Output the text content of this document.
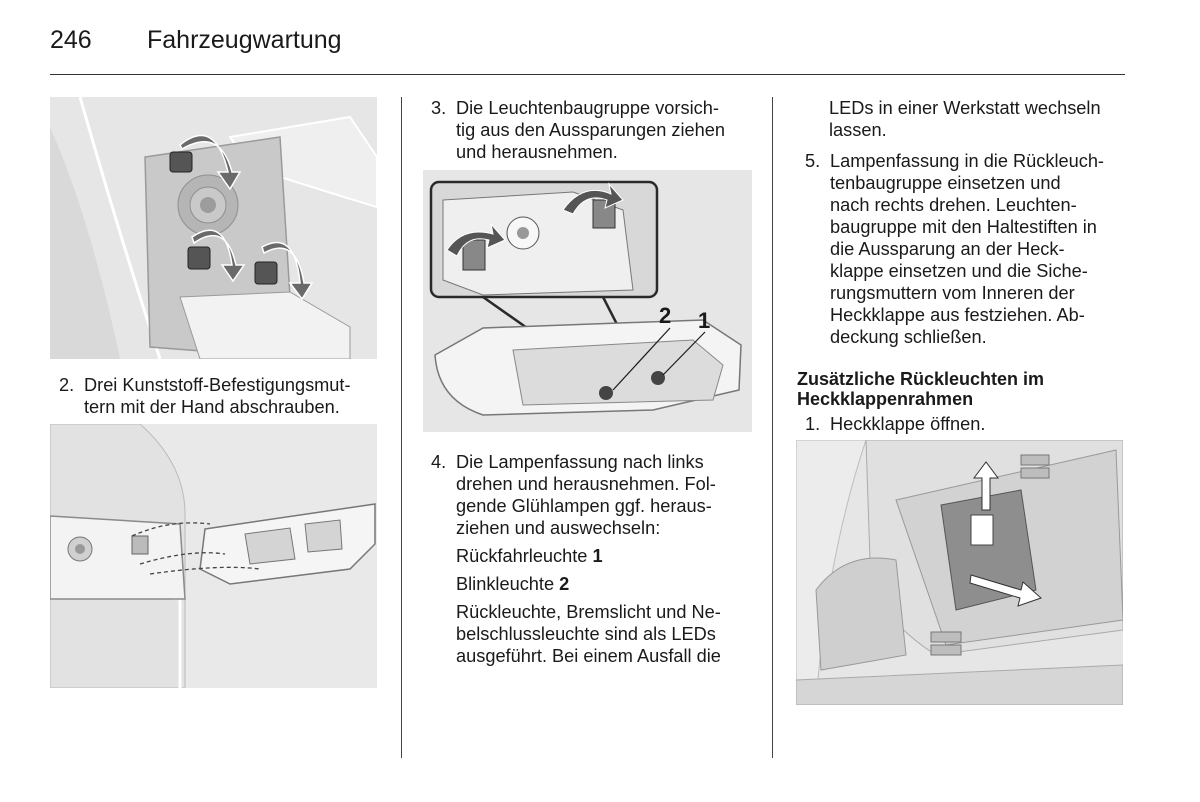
246 Fahrzeugwartung
2. Drei Kunststoff-Befestigungsmut-
tern mit der Hand abschrauben.
3. Die Leuchtenbaugruppe vorsich-
tig aus den Aussparungen ziehen
und herausnehmen.
2 1
4. Die Lampenfassung nach links
drehen und herausnehmen. Fol-
gende Glühlampen ggf. heraus-
ziehen und auswechseln:
Rückfahrleuchte 1
Blinkleuchte 2
Rückleuchte, Bremslicht und Ne-
belschlussleuchte sind als LEDs
ausgeführt. Bei einem Ausfall die
LEDs in einer Werkstatt wechseln
lassen.
5. Lampenfassung in die Rückleuch-
tenbaugruppe einsetzen und
nach rechts drehen. Leuchten-
baugruppe mit den Haltestiften in
die Aussparung an der Heck-
klappe einsetzen und die Siche-
rungsmuttern vom Inneren der
Heckklappe aus festziehen. Ab-
deckung schließen.
Zusätzliche Rückleuchten im
Heckklappenrahmen
1. Heckklappe öffnen.
